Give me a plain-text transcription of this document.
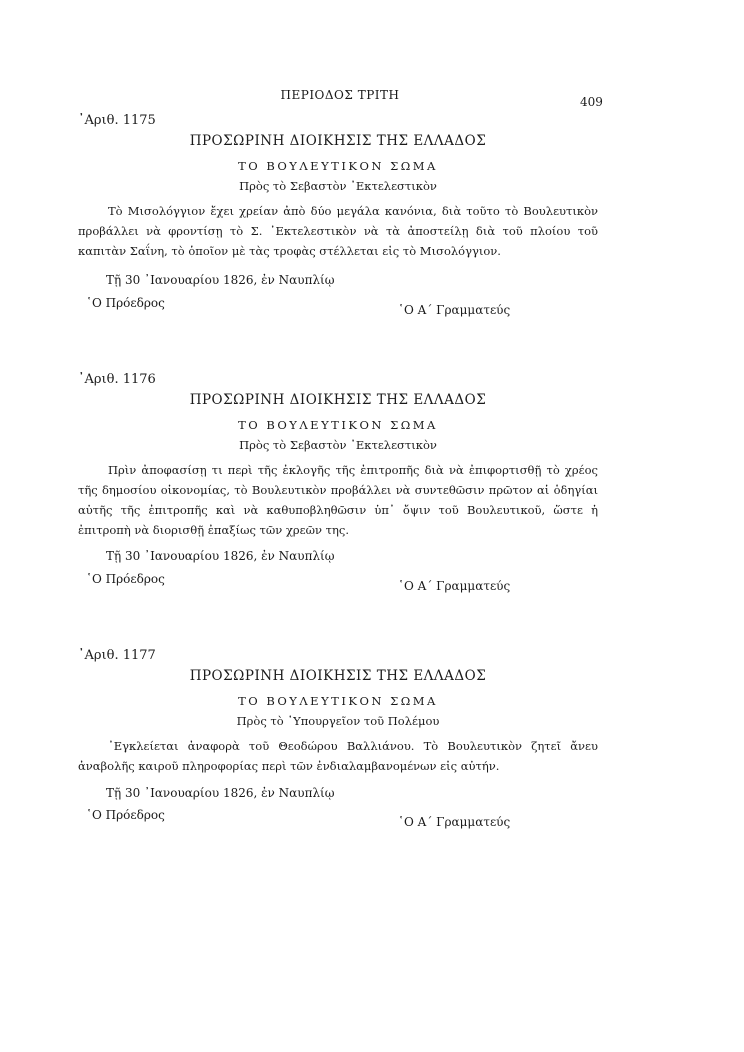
ΠΕΡΙΟΔΟΣ ΤΡΙΤΗ	409
᾿Αριθ. 1175
ΠΡΟΣΩΡΙΝΗ ΔΙΟΙΚΗΣΙΣ ΤΗΣ ΕΛΛΑΔΟΣ
ΤΟ ΒΟΥΛΕΥΤΙΚΟΝ ΣΩΜΑ
Πρὸς τὸ Σεβαστὸν ᾿Εκτελεστικὸν

Τὸ Μισολόγγιον ἔχει χρείαν ἀπὸ δύο μεγάλα κανόνια, διὰ τοῦτο τὸ Βουλευτικὸν προβάλλει νὰ φροντίσῃ τὸ Σ. ᾿Εκτελεστικὸν νὰ τὰ ἀποστείλῃ διὰ τοῦ πλοίου τοῦ καπιτὰν Σαΐνη, τὸ ὁποῖον μὲ τὰς τροφὰς στέλλεται εἰς τὸ Μισολόγγιον.

Τῇ 30 ᾿Ιανουαρίου 1826, ἐν Ναυπλίῳ
῾Ο Πρόεδρος	῾Ο Α΄ Γραμματεύς
᾿Αριθ. 1176
ΠΡΟΣΩΡΙΝΗ ΔΙΟΙΚΗΣΙΣ ΤΗΣ ΕΛΛΑΔΟΣ
ΤΟ ΒΟΥΛΕΥΤΙΚΟΝ ΣΩΜΑ
Πρὸς τὸ Σεβαστὸν ᾿Εκτελεστικὸν

Πρὶν ἀποφασίσῃ τι περὶ τῆς ἐκλογῆς τῆς ἐπιτροπῆς διὰ νὰ ἐπιφορτισθῇ τὸ χρέος τῆς δημοσίου οἰκονομίας, τὸ Βουλευτικὸν προβάλλει νὰ συντεθῶσιν πρῶτον αἱ ὁδηγίαι αὐτῆς τῆς ἐπιτροπῆς καὶ νὰ καθυποβληθῶσιν ὑπ᾿ ὄψιν τοῦ Βουλευτικοῦ, ὥστε ἡ ἐπιτροπὴ νὰ διορισθῇ ἐπαξίως τῶν χρεῶν της.

Τῇ 30 ᾿Ιανουαρίου 1826, ἐν Ναυπλίῳ
῾Ο Πρόεδρος	῾Ο Α΄ Γραμματεύς
᾿Αριθ. 1177
ΠΡΟΣΩΡΙΝΗ ΔΙΟΙΚΗΣΙΣ ΤΗΣ ΕΛΛΑΔΟΣ
ΤΟ ΒΟΥΛΕΥΤΙΚΟΝ ΣΩΜΑ
Πρὸς τὸ ῾Υπουργεῖον τοῦ Πολέμου

᾿Εγκλείεται ἀναφορὰ τοῦ Θεοδώρου Βαλλιάνου. Τὸ Βουλευτικὸν ζητεῖ ἄνευ ἀναβολῆς καιροῦ πληροφορίας περὶ τῶν ἐνδιαλαμβανομένων εἰς αὐτήν.

Τῇ 30 ᾿Ιανουαρίου 1826, ἐν Ναυπλίῳ
῾Ο Πρόεδρος	῾Ο Α΄ Γραμματεύς
